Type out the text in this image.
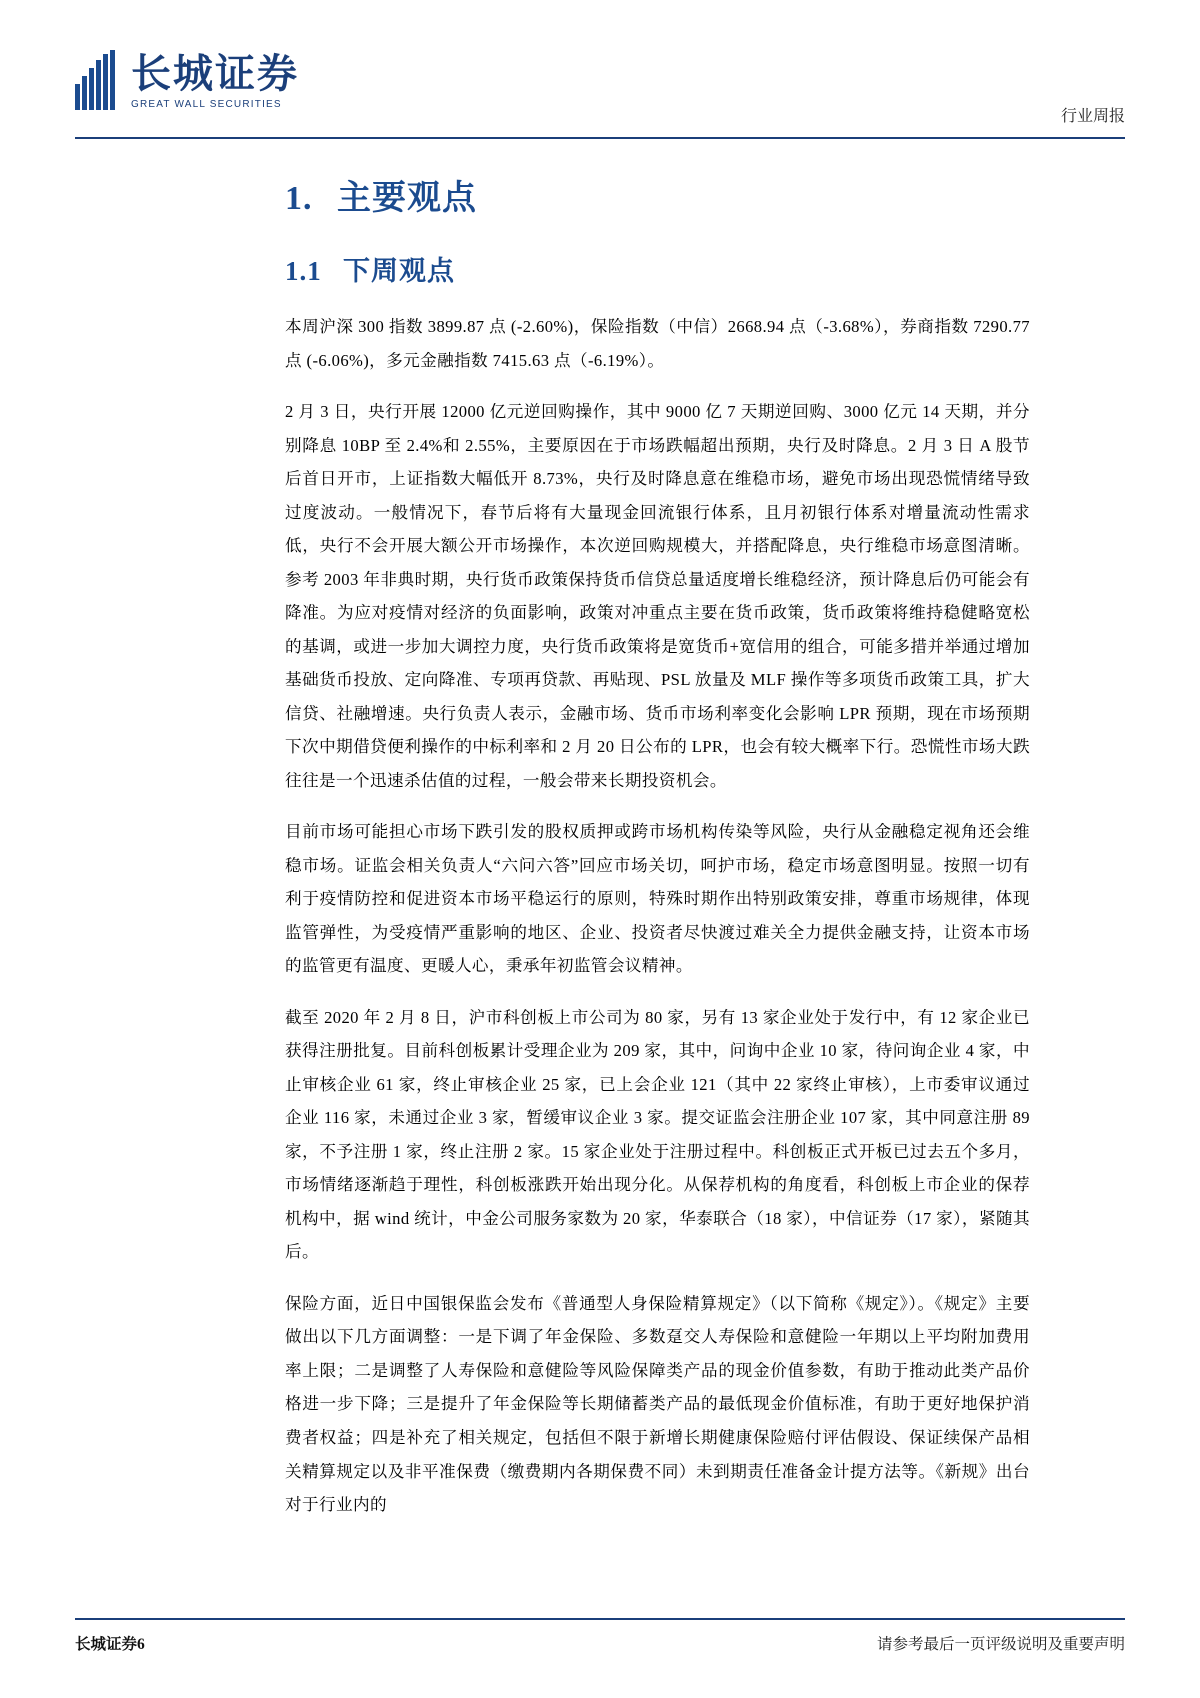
长城证券
GREAT WALL SECURITIES
行业周报
1. 主要观点
1.1 下周观点

本周沪深 300 指数 3899.87 点 (-2.60%)，保险指数（中信）2668.94 点（-3.68%），券商指数 7290.77 点 (-6.06%)，多元金融指数 7415.63 点（-6.19%）。

2 月 3 日，央行开展 12000 亿元逆回购操作，其中 9000 亿 7 天期逆回购、3000 亿元 14 天期，并分别降息 10BP 至 2.4%和 2.55%，主要原因在于市场跌幅超出预期，央行及时降息。2 月 3 日 A 股节后首日开市，上证指数大幅低开 8.73%，央行及时降息意在维稳市场，避免市场出现恐慌情绪导致过度波动。一般情况下，春节后将有大量现金回流银行体系，且月初银行体系对增量流动性需求低，央行不会开展大额公开市场操作，本次逆回购规模大，并搭配降息，央行维稳市场意图清晰。参考 2003 年非典时期，央行货币政策保持货币信贷总量适度增长维稳经济，预计降息后仍可能会有降准。为应对疫情对经济的负面影响，政策对冲重点主要在货币政策，货币政策将维持稳健略宽松的基调，或进一步加大调控力度，央行货币政策将是宽货币+宽信用的组合，可能多措并举通过增加基础货币投放、定向降准、专项再贷款、再贴现、PSL 放量及 MLF 操作等多项货币政策工具，扩大信贷、社融增速。央行负责人表示，金融市场、货币市场利率变化会影响 LPR 预期，现在市场预期下次中期借贷便利操作的中标利率和 2 月 20 日公布的 LPR，也会有较大概率下行。恐慌性市场大跌往往是一个迅速杀估值的过程，一般会带来长期投资机会。

目前市场可能担心市场下跌引发的股权质押或跨市场机构传染等风险，央行从金融稳定视角还会维稳市场。证监会相关负责人“六问六答”回应市场关切，呵护市场，稳定市场意图明显。按照一切有利于疫情防控和促进资本市场平稳运行的原则，特殊时期作出特别政策安排，尊重市场规律，体现监管弹性，为受疫情严重影响的地区、企业、投资者尽快渡过难关全力提供金融支持，让资本市场的监管更有温度、更暖人心，秉承年初监管会议精神。

截至 2020 年 2 月 8 日，沪市科创板上市公司为 80 家，另有 13 家企业处于发行中，有 12 家企业已获得注册批复。目前科创板累计受理企业为 209 家，其中，问询中企业 10 家，待问询企业 4 家，中止审核企业 61 家，终止审核企业 25 家，已上会企业 121（其中 22 家终止审核），上市委审议通过企业 116 家，未通过企业 3 家，暂缓审议企业 3 家。提交证监会注册企业 107 家，其中同意注册 89 家，不予注册 1 家，终止注册 2 家。15 家企业处于注册过程中。科创板正式开板已过去五个多月，市场情绪逐渐趋于理性，科创板涨跌开始出现分化。从保荐机构的角度看，科创板上市企业的保荐机构中，据 wind 统计，中金公司服务家数为 20 家，华泰联合（18 家），中信证券（17 家），紧随其后。

保险方面，近日中国银保监会发布《普通型人身保险精算规定》（以下简称《规定》）。《规定》主要做出以下几方面调整：一是下调了年金保险、多数趸交人寿保险和意健险一年期以上平均附加费用率上限；二是调整了人寿保险和意健险等风险保障类产品的现金价值参数，有助于推动此类产品价格进一步下降；三是提升了年金保险等长期储蓄类产品的最低现金价值标准，有助于更好地保护消费者权益；四是补充了相关规定，包括但不限于新增长期健康保险赔付评估假设、保证续保产品相关精算规定以及非平准保费（缴费期内各期保费不同）未到期责任准备金计提方法等。《新规》出台对于行业内的

长城证券6	请参考最后一页评级说明及重要声明
